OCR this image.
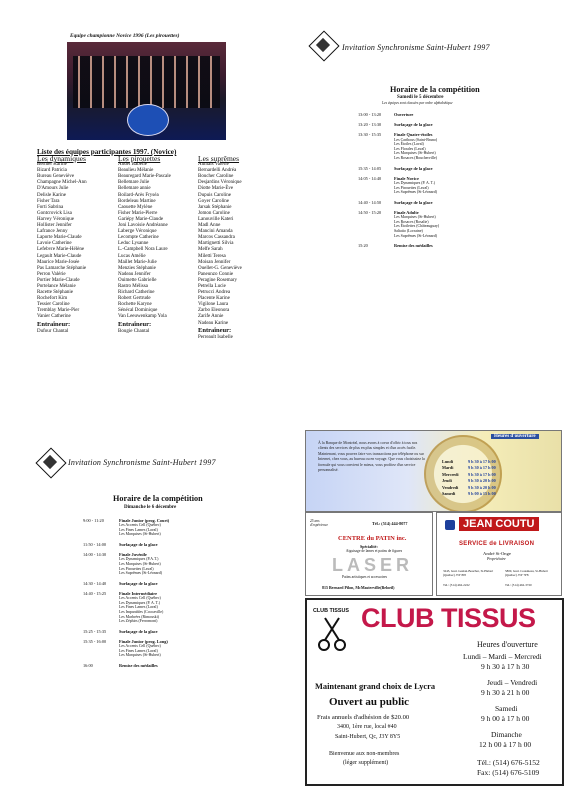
Equipe championne Novice 1996 (Les pirouettes)
Liste des équipes participantes 1997. (Novice)
Les dynamiques
Bernier Karine
Bizard Patricia
Bureau Geneviève
Champagne Michel-Ann
D'Amours Julie
Delisle Karine
Fisher Tara
Forti Sabrina
Gontcrovick Lisa
Harvey Véronique
Hollister Jennifer
Lafrance Jenny
Laporte Marie-Claude
Lavoie Catherine
Lefebvre Marie-Hélène
Legault Marie-Claude
Maurice Marie-Josée
Pas Lamarche Stéphanie
Perron Valérie
Portier Marie-Claude
Portelance Mélanie
Racette Stéphanie
Rochefort Kim
Tessier Caroline
Tremblay Marie-Pier
Vanier Catherine
Entraîneur:
Dufour Chantal
Les pirouettes
Andet Isabelle
Beaulieu Mélanie
Beauregard Marie-Pascale
Bellemare Julie
Bellemare annie
Boilard-Arès Fryséa
Bordeleau Martine
Caouette Mylène
Fisher Marie-Pierre
Gariépy Marie-Claude
Joni Lavoisie Andréanne
Laberge Véronique
Lecompte Catherine
Leduc Lysanne
L.-Campbell Nora Laure
Lucas Amélie
Maillet Marie-Julie
Menzies Stéphanie
Nadeau Jennifer
Ouimette Gabrielle
Rastro Mélissa
Richard Catherine
Robert Gertrude
Rochette Karyne
Sénécal Dominique
Van Leeuwenkamp Yola
Entraîneur:
Bougie Chantal
Les suprêmes
Aumais Valérie
Bernardelli Andréa
Boucher Caroline
Desjardins Véronique
Diotte Marie-Ève
Dupuis Caroline
Goyer Caroline
Jarsak Stéphanie
Jomon Caroline
Lanouville Kateri
Madl Anne
Mancini Amanda
Marcos Cassandra
Martignetti Silvia
Melfe Sarah
Miletti Teresa
Moisan Jennifer
Ouellet-G. Geneviève
Paneunzo Connie
Peragine Rosemary
Petrella Lucie
Petrucci Andrea
Placente Karine
Vigilone Laura
Zarbo Eleonora
Zarife Annie
Nadeau Karine
Entraîneur:
Perreault Isabelle
Invitation Synchronisme Saint-Hubert 1997
Horaire de la compétition
Samedi le 5 décembre
Les équipes sont classées par ordre alphabétique
13:00 - 13:20	Ouverture
13:20 - 13:30	Surfaçage de la glace
13:30 - 15:35	Finale Quatre-étoiles
Les Caribous (Saint-Bruno)
Les Étoiles (Laval)
Les Florales (Laval)
Les Marquises (St-Hubert)
Les Rosaces (Boucherville)
15:35 - 14:05	Surfaçage de la glace
14:05 - 14:40	Finale Novice
Les Dynamiques (P. A. T.)
Les Pirouettes (Laval)
Les Suprêmes (St-Léonard)
14:40 - 14:50	Surfaçage de la glace
14:50 - 15:20	Finale Adulte
Les Marquises (St-Hubert)
Les Rosaces (Rosalie)
Les Étoilettes (Châteauguay)
Saltatio (Lorraine)
Les Suprêmes (St-Léonard)
15:20	Remise des médailles
Invitation Synchronisme Saint-Hubert 1997
Horaire de la compétition
Dimanche le 6 décembre
9:00 - 11:20	Finale Junior (prog. Court)
Les Accents Cell (Québec)
Les Fines Lames (Laval)
Les Marquises (St-Hubert)
11:50 - 14:00	Surfaçage de la glace
14:00 - 14:30	Finale Juvénile
Les Dynamiques (P.A.T.)
Les Marquises (St-Hubert)
Les Pirouettes (Laval)
Les Suprêmes (St-Léonard)
14:30 - 14:40	Surfaçage de la glace
14:40 - 15:25	Finale Intermédiaire
Les Accents Cell (Québec)
Les Dynamiques (P. A. T.)
Les Fines Lames (Laval)
Les Imparables (Cocoaville)
Les Marbrées (Rimouski)
Les Zéphirs (Ferromont)
15:25 - 15:35	Surfaçage de la glace
15:35 - 16:00	Finale Junior (prog. Long)
Les Accents Cell (Québec)
Les Fines Lames (Laval)
Les Marquises (St-Hubert)
16:00	Remise des médailles
À la Banque de Montréal, nous avons à coeur d'offrir à tous nos clients des services de plus en plus simples et d'un accès facile. Maintenant, vous pouvez faire vos transactions par téléphone ou sur Internet, chez vous, au bureau ou en voyage. Que vous choisissiez la formule qui vous convient le mieux, vous profitez d'un service personnalisé.
Heures d'ouverture
Lundi	9 h 30 à 17 h 00
Mardi	9 h 30 à 17 h 00
Mercredi 9 h 30 à 17 h 00
Jeudi	9 h 30 à 20 h 00
Vendredi 9 h 30 à 20 h 00
Samedi	9 h 00 à 15 h 00
25 ans d'expérience	Tél.: (514) 444-8077
CENTRE du PATIN inc.
Spécialité:
Aiguisage de lames et patins de figures
LASER
Patins artistiques et accessoires
815 Bernard Pilon, McMasterville(Beloeil)
JEAN COUTU
SERVICE de LIVRAISON
André St-Onge
Propriétaire
3245, boul. Gaétan-Boucher, St-Hubert (Québec) J3Y 8J8
5800, boul. Cousineau, St-Hubert (Québec) J3Y 7P8
Tél.: (514) 462-2222	Tél.: (514) 462-3720
CLUB TISSUS CLUB TISSUS
Heures d'ouverture
Lundi – Mardi – Mercredi
9 h 30 à 17 h 30
Jeudi – Vendredi
9 h 30 à 21 h 00
Samedi
9 h 00 à 17 h 00
Dimanche
12 h 00 à 17 h 00
Tél.: (514) 676-5152
Fax: (514) 676-5109
Maintenant grand choix de Lycra
Ouvert au public
Frais annuels d'adhésion de $20.00
3400, 1ère rue, local #40
Saint-Hubert, Qc, J3Y 8Y5
Bienvenue aux non-membres
(léger supplément)
